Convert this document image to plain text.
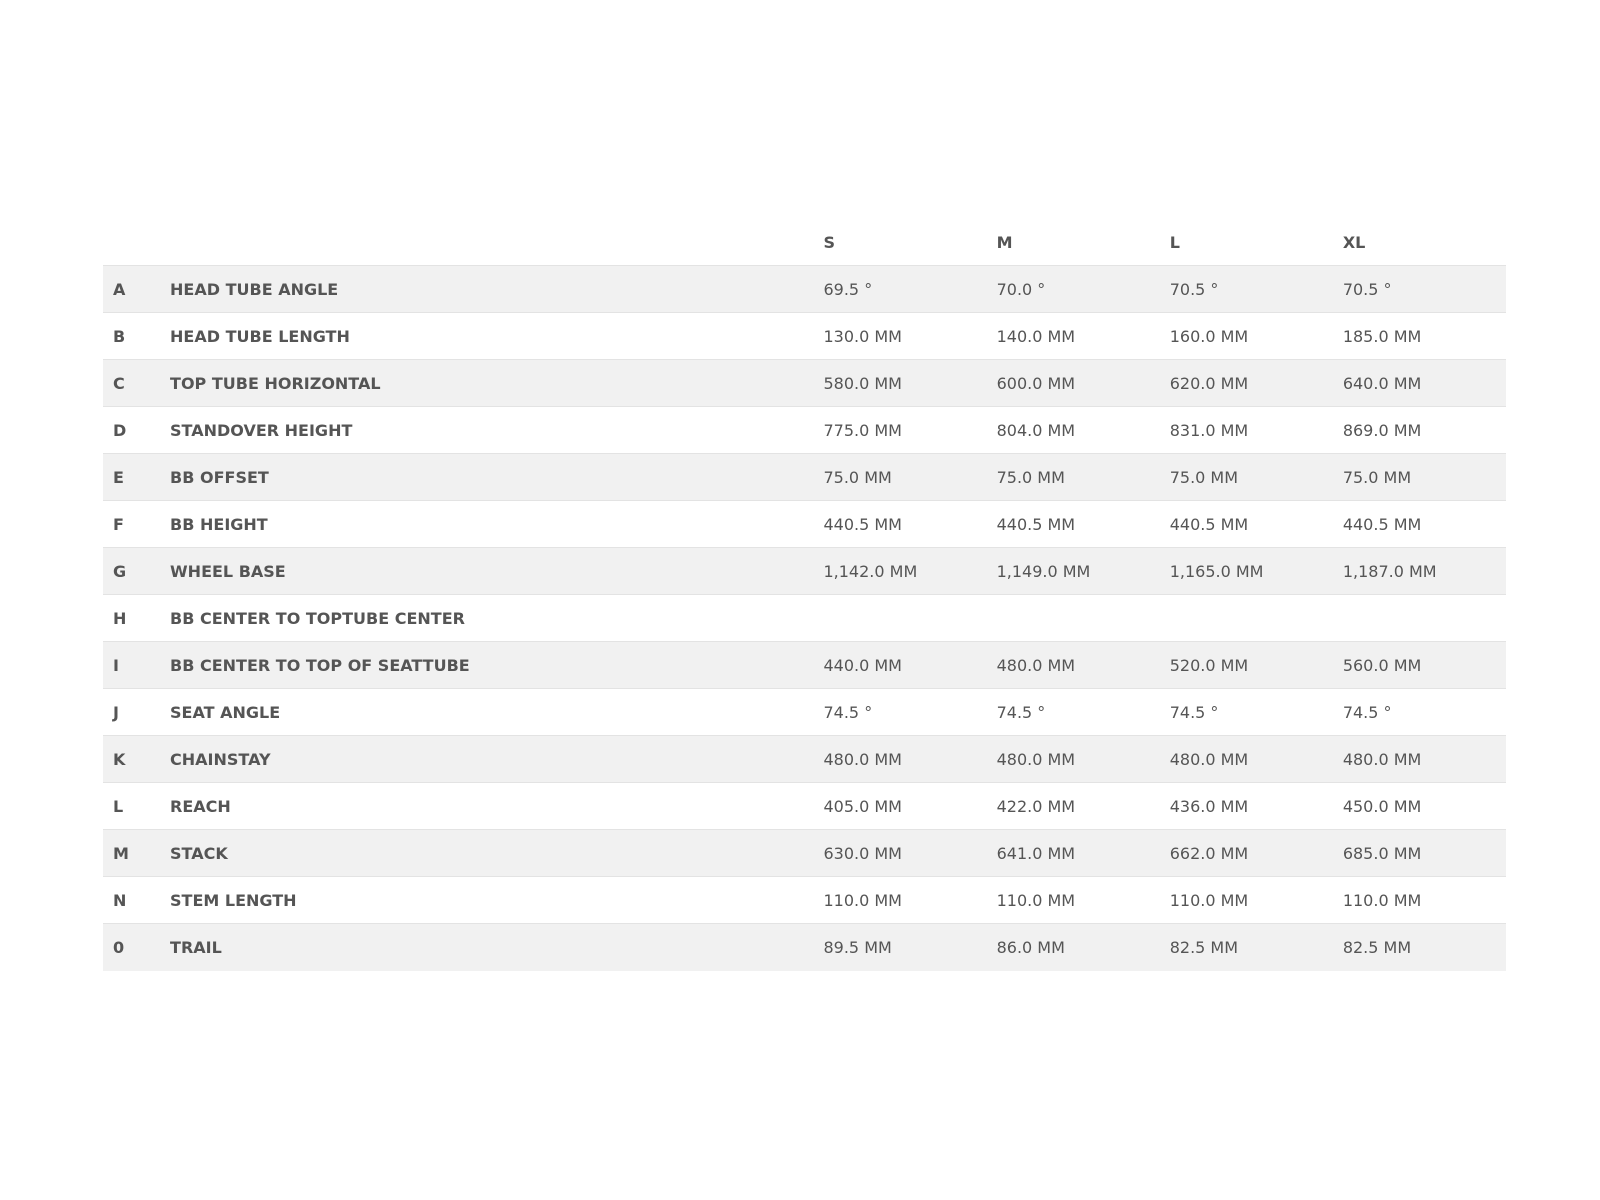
		S	M	L	XL
A	HEAD TUBE ANGLE	69.5 °	70.0 °	70.5 °	70.5 °
B	HEAD TUBE LENGTH	130.0 MM	140.0 MM	160.0 MM	185.0 MM
C	TOP TUBE HORIZONTAL	580.0 MM	600.0 MM	620.0 MM	640.0 MM
D	STANDOVER HEIGHT	775.0 MM	804.0 MM	831.0 MM	869.0 MM
E	BB OFFSET	75.0 MM	75.0 MM	75.0 MM	75.0 MM
F	BB HEIGHT	440.5 MM	440.5 MM	440.5 MM	440.5 MM
G	WHEEL BASE	1,142.0 MM	1,149.0 MM	1,165.0 MM	1,187.0 MM
H	BB CENTER TO TOPTUBE CENTER				
I	BB CENTER TO TOP OF SEATTUBE	440.0 MM	480.0 MM	520.0 MM	560.0 MM
J	SEAT ANGLE	74.5 °	74.5 °	74.5 °	74.5 °
K	CHAINSTAY	480.0 MM	480.0 MM	480.0 MM	480.0 MM
L	REACH	405.0 MM	422.0 MM	436.0 MM	450.0 MM
M	STACK	630.0 MM	641.0 MM	662.0 MM	685.0 MM
N	STEM LENGTH	110.0 MM	110.0 MM	110.0 MM	110.0 MM
0	TRAIL	89.5 MM	86.0 MM	82.5 MM	82.5 MM
